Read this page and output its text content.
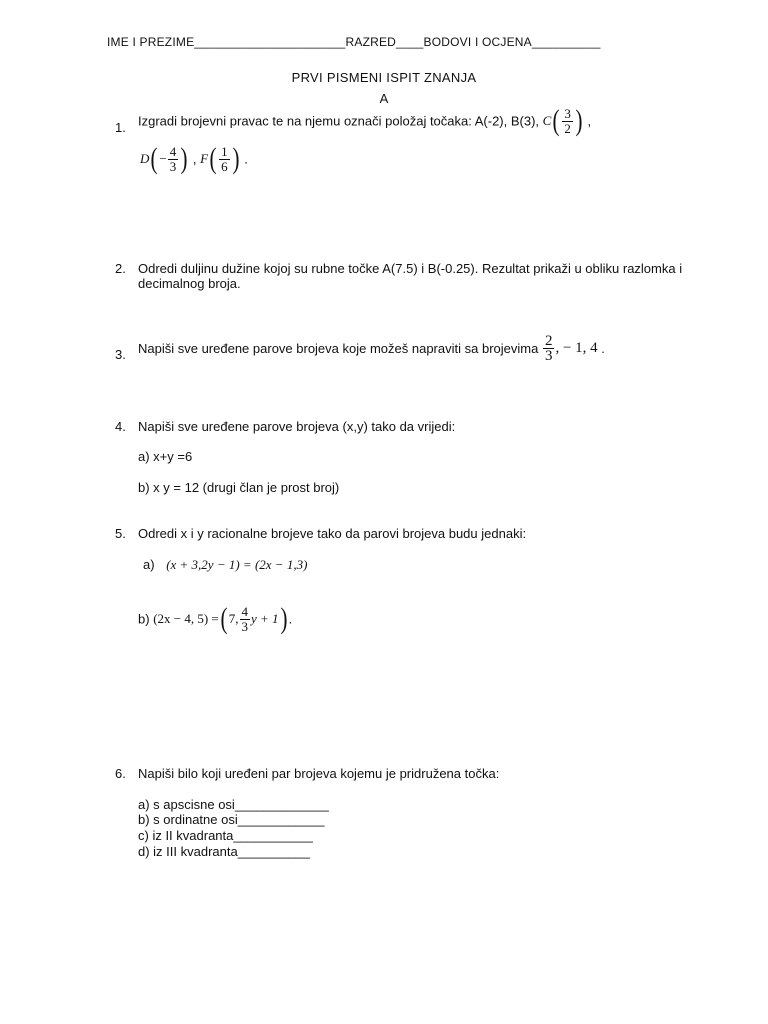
IME I PREZIME______________________RAZRED____BODOVI I OCJENA__________
PRVI PISMENI ISPIT ZNANJA
A
1. Izgradi brojevni pravac te na njemu označi položaj točaka: A(-2), B(3), $C( \frac{3}{2}$ ) ,
$D( - \frac{4}{3}$ ) , $F( \frac{1}{6}$ ) .
2. Odredi duljinu dužine kojoj su rubne točke A(7.5) i B(-0.25). Rezultat prikaži u obliku razlomka i decimalnog broja.
3. Napiši sve uređene parove brojeva koje možeš napraviti sa brojevima $\frac{2}{3}$ , − 1, 4 .
4. Napiši sve uređene parove brojeva (x,y) tako da vrijedi:
a) x+y =6
b) x y = 12 (drugi član je prost broj)
5. Odredi x i y racionalne brojeve tako da parovi brojeva budu jednaki:
a) (x + 3,2y − 1) = (2x − 1,3)
b) (2x − 4, 5) =( 7, $\frac{4}{3}$ y + 1) .
6. Napiši bilo koji uređeni par brojeva kojemu je pridružena točka:
a) s apscisne osi_____________
b) s ordinatne osi____________
c) iz II kvadranta___________
d) iz III kvadranta__________
